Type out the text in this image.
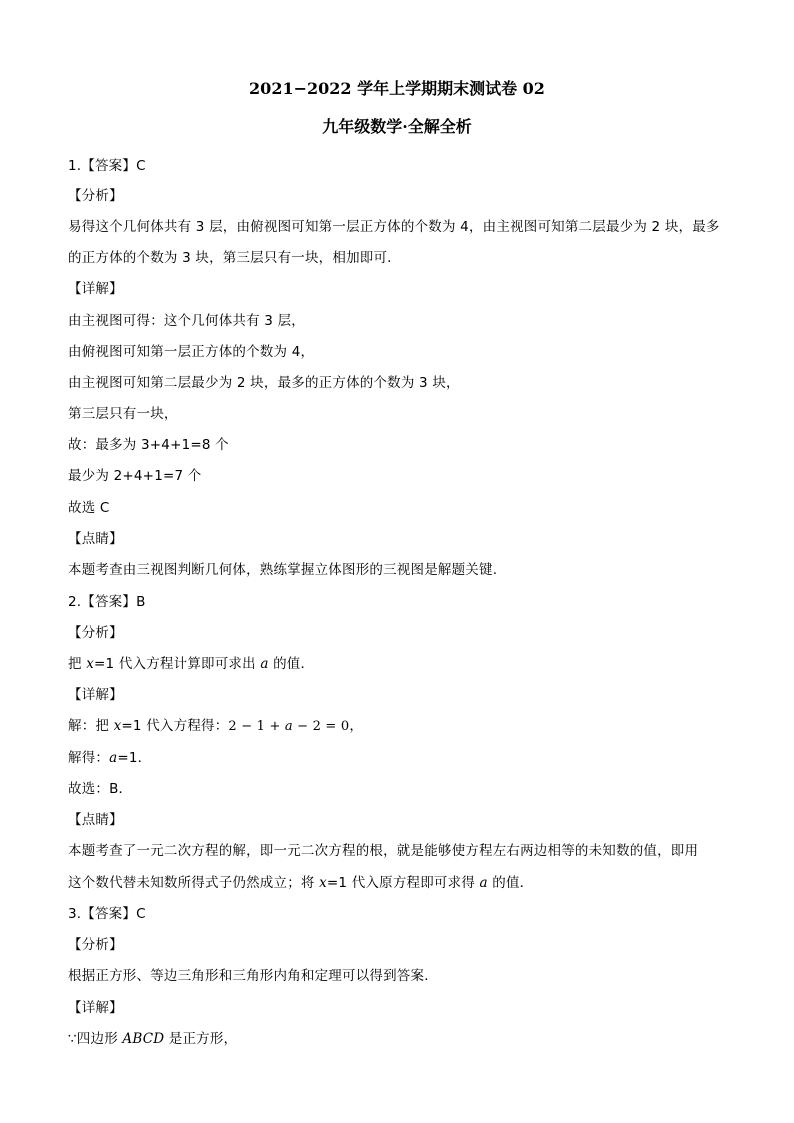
2021−2022 学年上学期期末测试卷 02
九年级数学·全解全析
1.【答案】C
【分析】
易得这个几何体共有 3 层，由俯视图可知第一层正方体的个数为 4，由主视图可知第二层最少为 2 块，最多
的正方体的个数为 3 块，第三层只有一块，相加即可.
【详解】
由主视图可得：这个几何体共有 3 层，
由俯视图可知第一层正方体的个数为 4，
由主视图可知第二层最少为 2 块，最多的正方体的个数为 3 块，
第三层只有一块，
故：最多为 3+4+1=8 个
最少为 2+4+1=7 个
故选 C
【点睛】
本题考查由三视图判断几何体，熟练掌握立体图形的三视图是解题关键.
2.【答案】B
【分析】
把 x=1 代入方程计算即可求出 a 的值．
【详解】
解：把 x=1 代入方程得：2 − 1 + a − 2 = 0，
解得：a=1．
故选：B．
【点睛】
本题考查了一元二次方程的解，即一元二次方程的根，就是能够使方程左右两边相等的未知数的值，即用
这个数代替未知数所得式子仍然成立；将 x=1 代入原方程即可求得 a 的值．
3.【答案】C
【分析】
根据正方形、等边三角形和三角形内角和定理可以得到答案．
【详解】
∵四边形 ABCD 是正方形，
